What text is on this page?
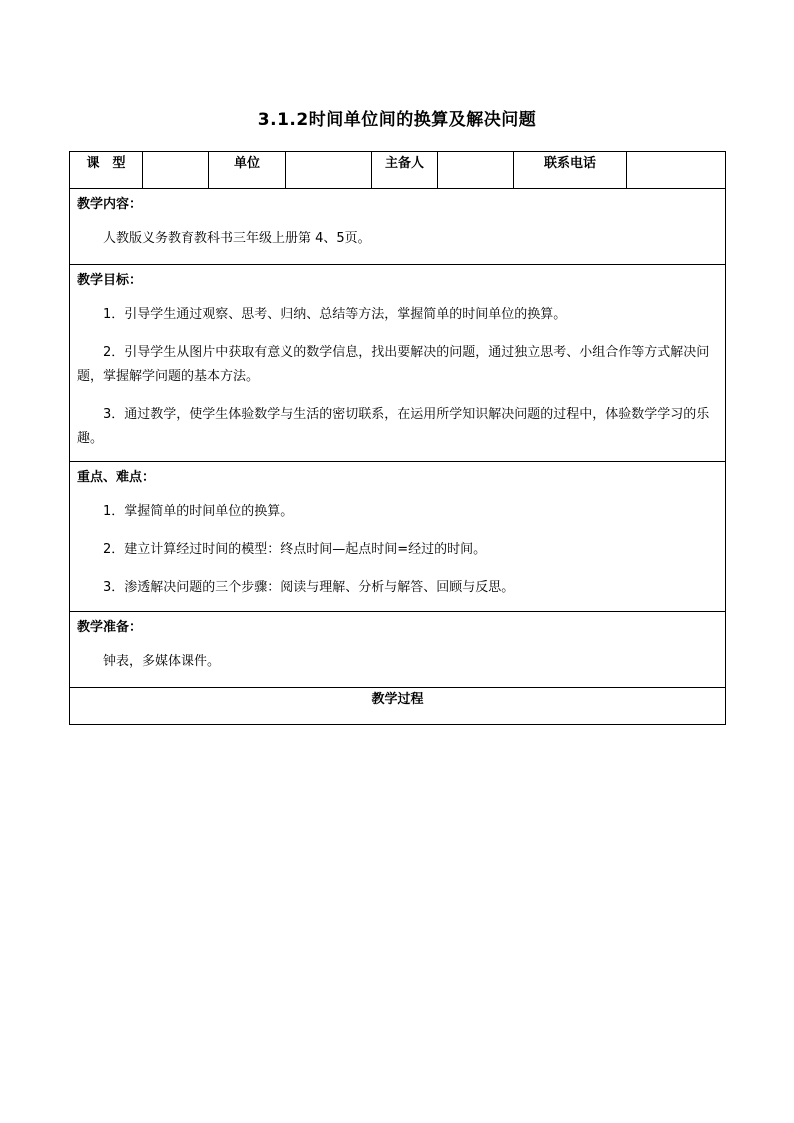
3.1.2时间单位间的换算及解决问题
课　型		单位		主备人		联系电话	

教学内容：
人教版义务教育教科书三年级上册第 4、5页。

教学目标：
1．引导学生通过观察、思考、归纳、总结等方法，掌握简单的时间单位的换算。
2．引导学生从图片中获取有意义的数学信息，找出要解决的问题，通过独立思考、小组合作等方式解决问题，掌握解学问题的基本方法。
3．通过教学，使学生体验数学与生活的密切联系，在运用所学知识解决问题的过程中，体验数学学习的乐趣。

重点、难点：
1．掌握简单的时间单位的换算。
2．建立计算经过时间的模型：终点时间—起点时间=经过的时间。
3．渗透解决问题的三个步骤：阅读与理解、分析与解答、回顾与反思。

教学准备：
钟表，多媒体课件。

教学过程
